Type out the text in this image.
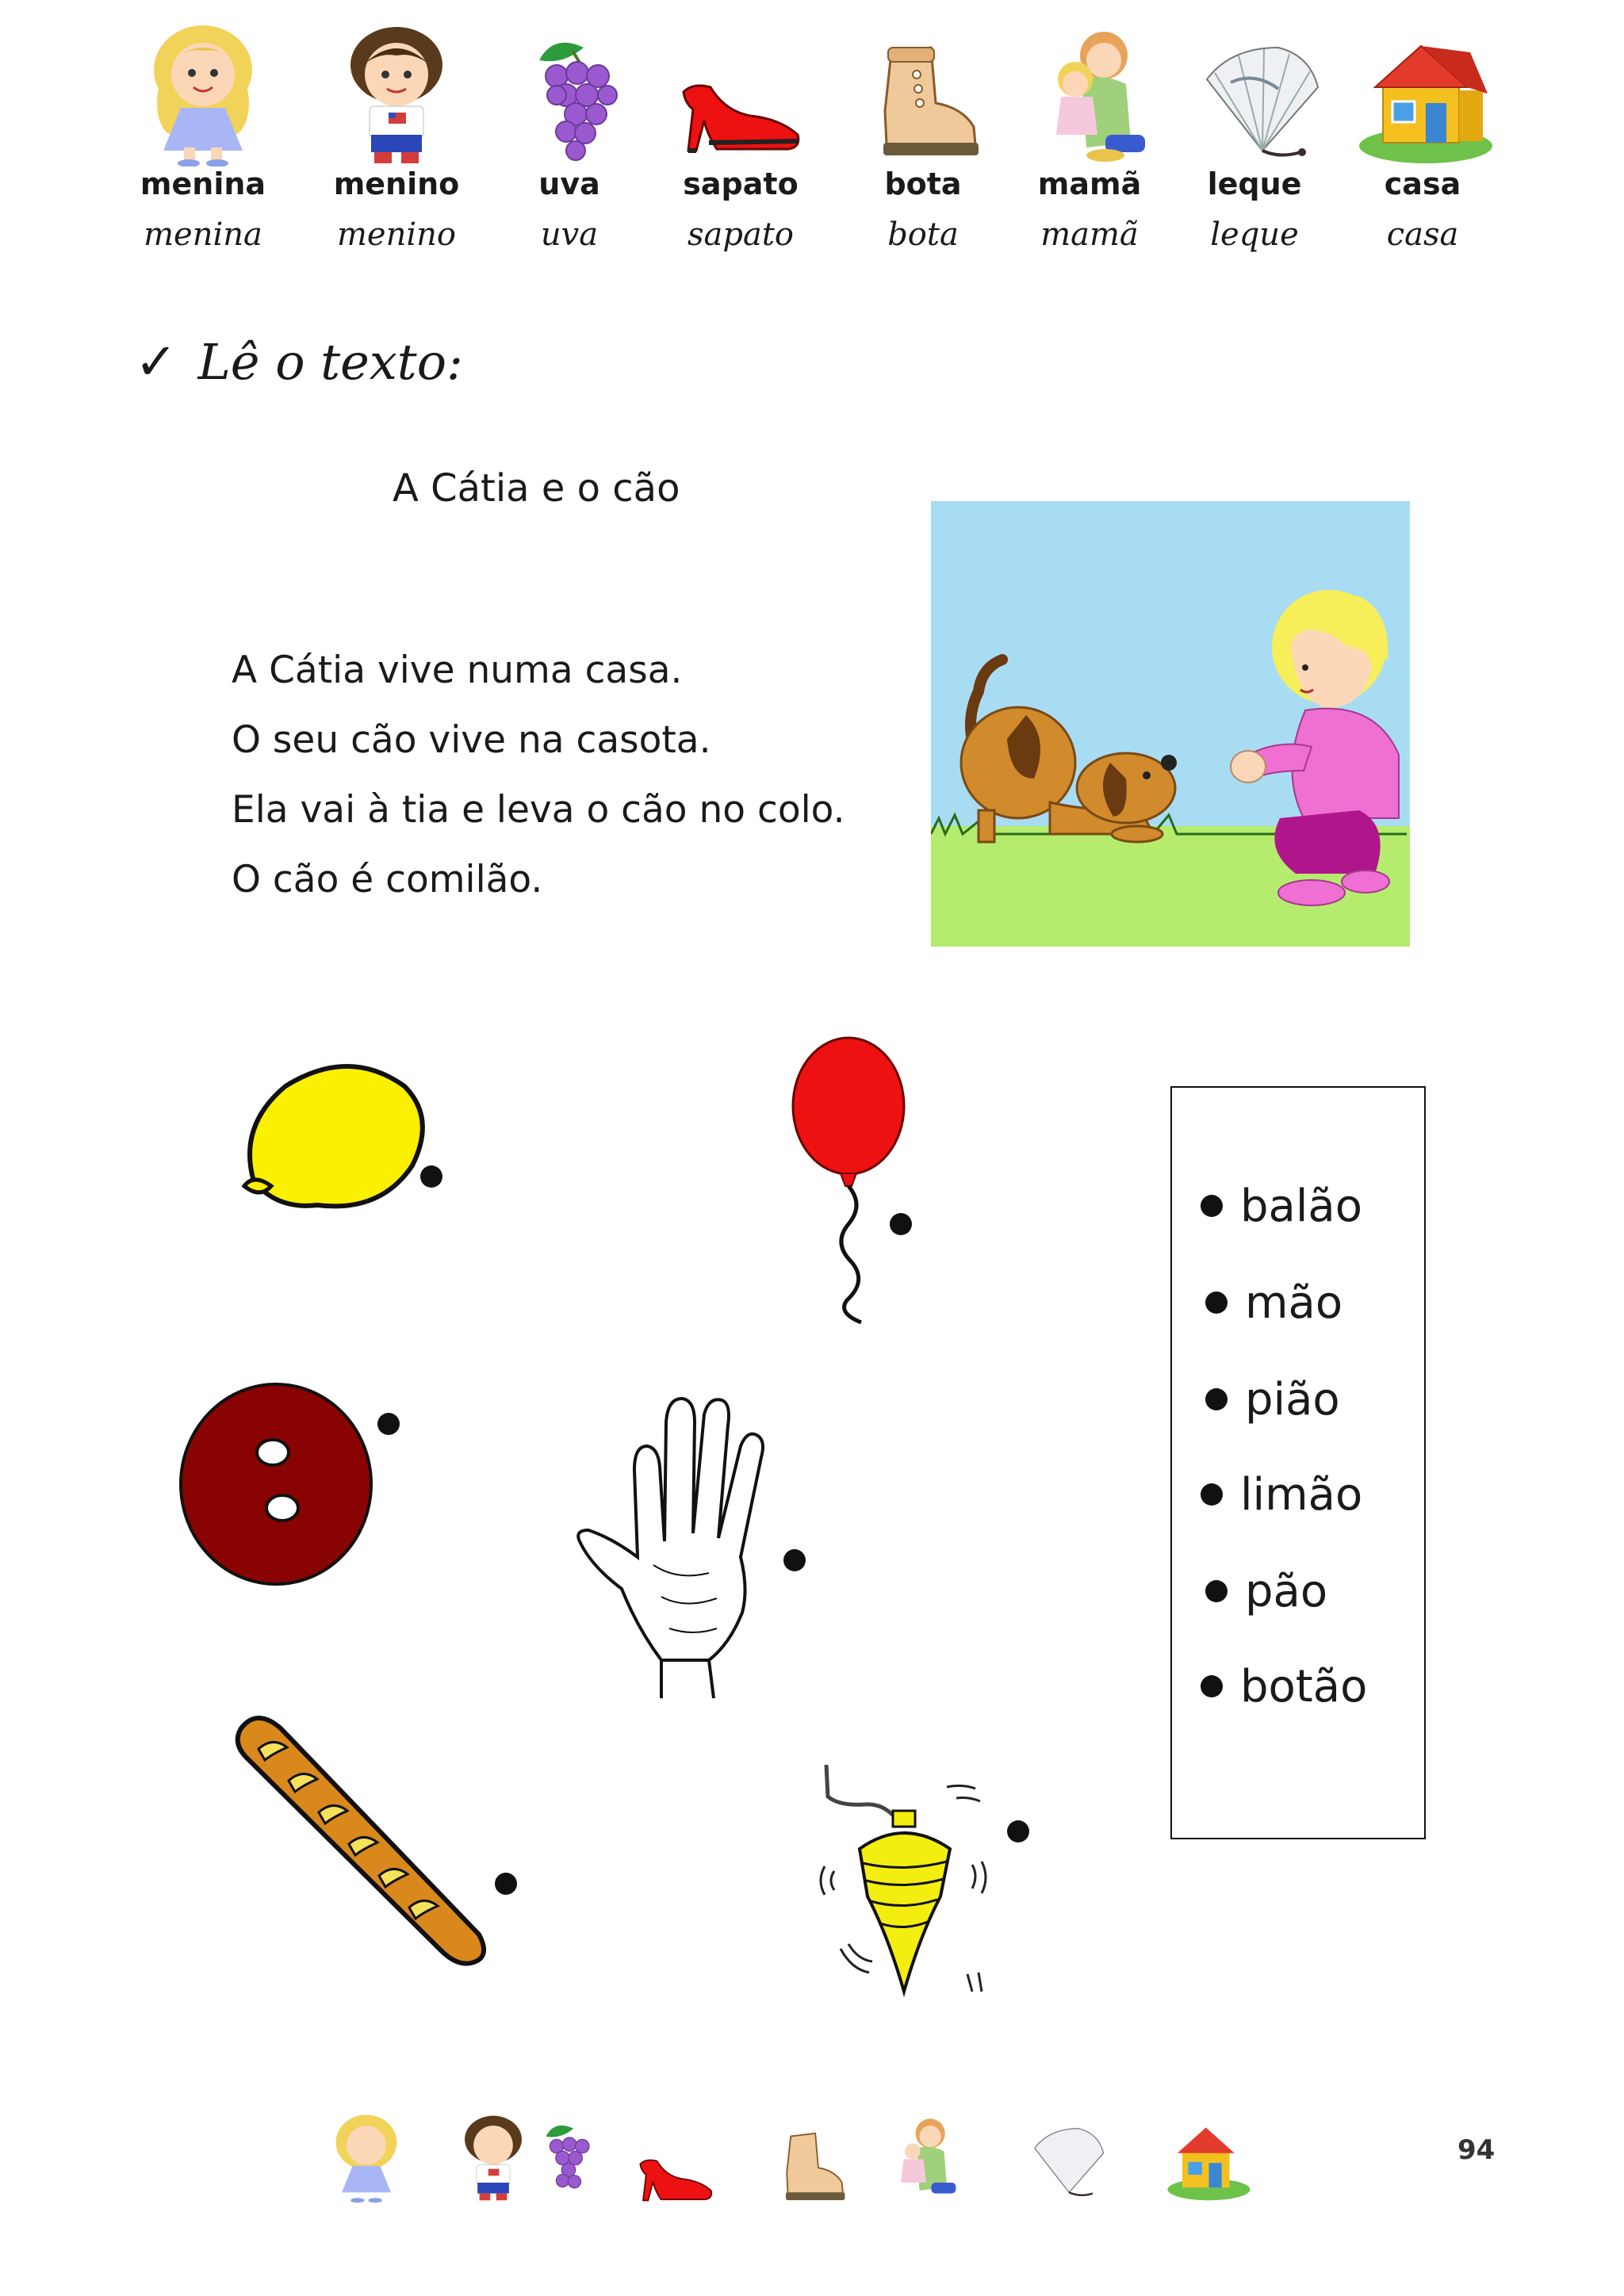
menina
menina
menino
menino
uva
uva
sapato
sapato
bota
bota
mamã
mamã
leque
leque
casa
casa
✓ Lê o texto:
A Cátia e o cão
A Cátia vive numa casa.
O seu cão vive na casota.
Ela vai à tia e leva o cão no colo.
O cão é comilão.
balão
mão
pião
limão
pão
botão
94
